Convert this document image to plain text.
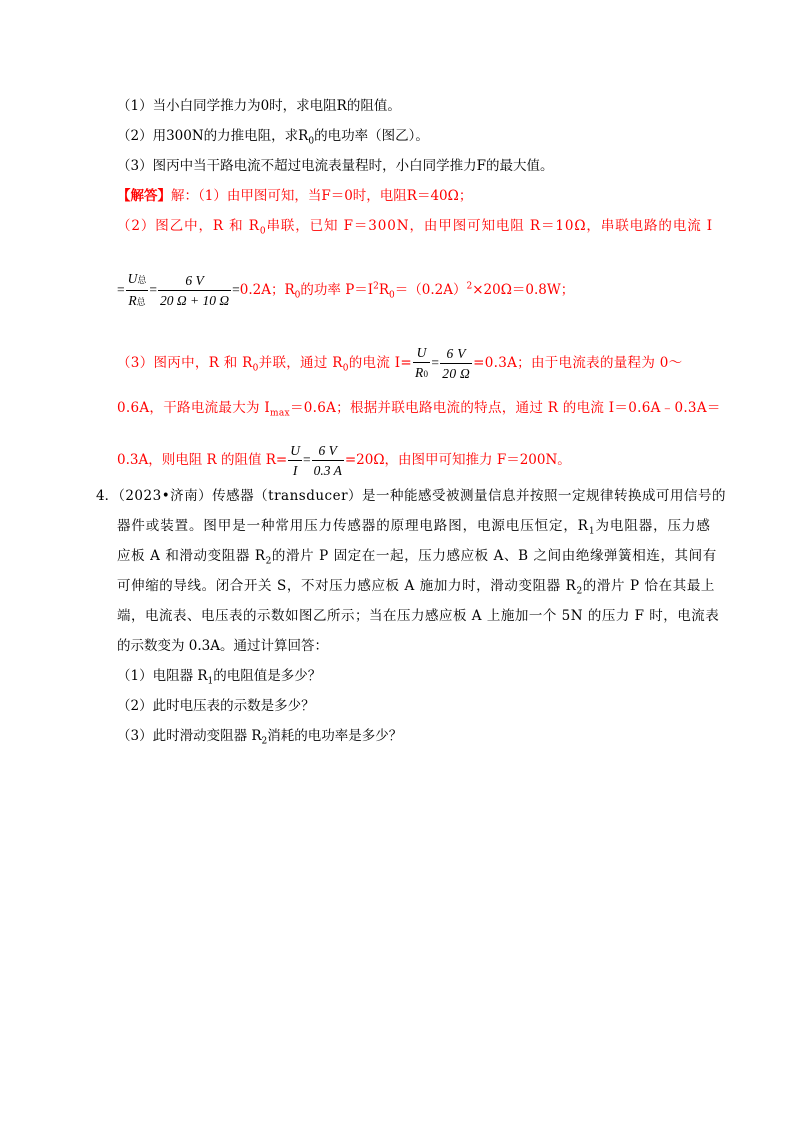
（1）当小白同学推力为0时，求电阻R的阻值。
（2）用300N的力推电阻，求$R_0$的电功率（图乙）。
（3）图丙中当干路电流不超过电流表量程时，小白同学推力F的最大值。
【解答】解：（1）由甲图可知，当F＝0时，电阻R＝40Ω；
（2）图乙中，R 和 $R_0$串联，已知 F＝300N，由甲图可知电阻 R＝10Ω，串联电路的电流 I
= $\frac{\text{U总}}{\text{R总}} = \frac{6 V}{20 \Omega + 10 \Omega} =0.2A$；$R_0$的功率 $P=I^2R_0=(0.2A)^2\times 20\Omega=0.8W$；
（3）图丙中，R 和 $R_0$并联，通过 $R_0$的电流 $I= \frac{U}{R0} = \frac{6 V}{20 \Omega} =0.3A$；由于电流表的量程为 0～
0.6A，干路电流最大为 $I_{max}=0.6A$；根据并联电路电流的特点，通过 R 的电流 I＝0.6A﹣0.3A＝
0.3A，则电阻 R 的阻值 $R= \frac{U}{I} = \frac{6 V}{0.3 A} =20\Omega$，由图甲可知推力 F＝200N。
4．（2023•济南）传感器（transducer）是一种能感受被测量信息并按照一定规律转换成可用信号的
器件或装置。图甲是一种常用压力传感器的原理电路图，电源电压恒定，$R_1$为电阻器，压力感
应板 A 和滑动变阻器 $R_2$的滑片 P 固定在一起，压力感应板 A、B 之间由绝缘弹簧相连，其间有
可伸缩的导线。闭合开关 S，不对压力感应板 A 施加力时，滑动变阻器 $R_2$的滑片 P 恰在其最上
端，电流表、电压表的示数如图乙所示；当在压力感应板 A 上施加一个 5N 的压力 F 时，电流表
的示数变为 0.3A。通过计算回答：
（1）电阻器 $R_1$的电阻值是多少？
（2）此时电压表的示数是多少？
（3）此时滑动变阻器 $R_2$消耗的电功率是多少？
